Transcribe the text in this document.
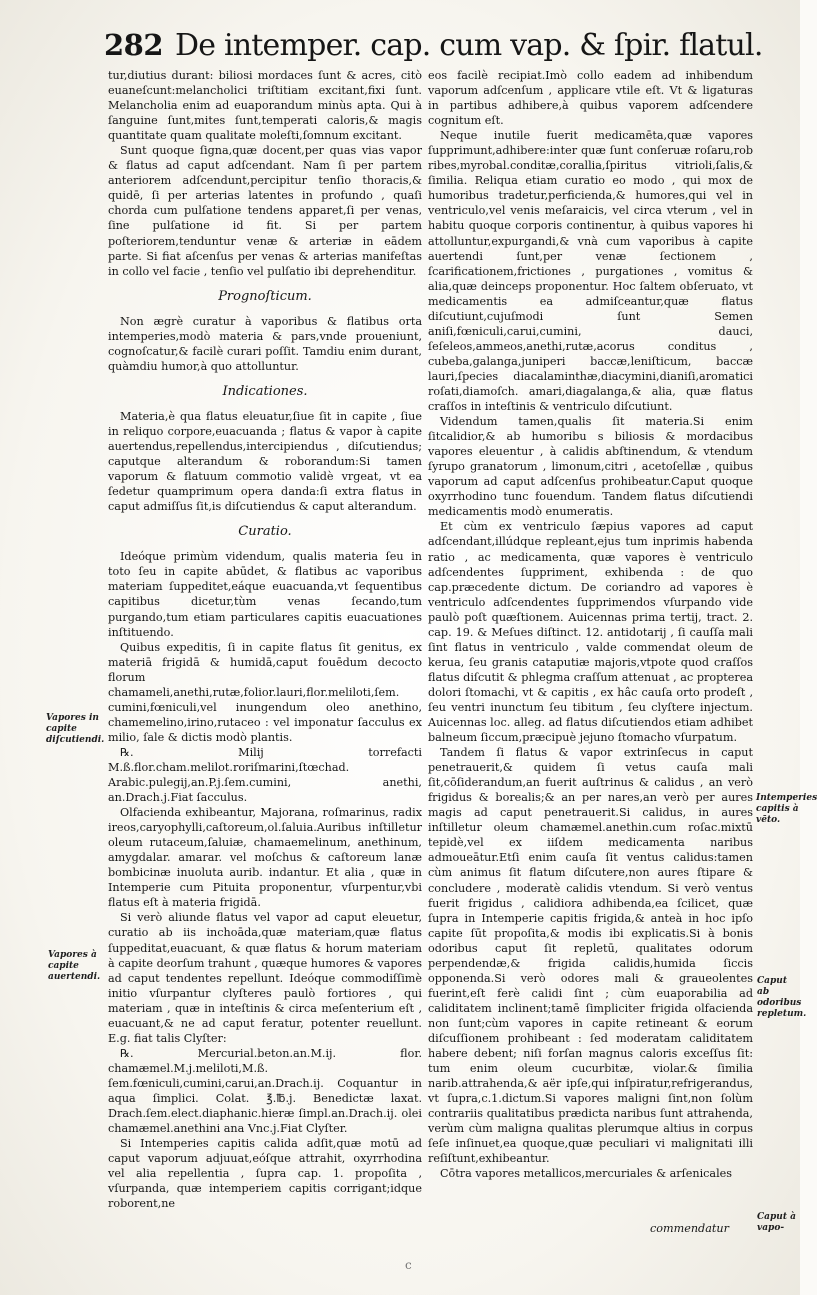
282 De intemper. cap. cum vap. & ſpir. flatul.

tur,diutius durant: biliosi mordaces ſunt & acres, citò euaneſcunt:melancholici triſtitiam excitant,fixi ſunt. Melancholia enim ad euaporandum minùs apta. Qui à ſanguine ſunt,mites ſunt,temperati caloris,& magis quantitate quam qualitate moleſti,ſomnum excitant.

Sunt quoque ſigna,quæ docent,per quas vias vapor & flatus ad caput adſcendant. Nam ſi per partem anteriorem adſcendunt,percipitur tenſio thoracis,& quidē, ſi per arterias latentes in profundo , quaſi chorda cum pulſatione tendens apparet,ſi per venas, ſine pulſatione id fit. Si per partem poſteriorem,tenduntur venæ & arteriæ in eādem parte. Si fiat aſcenſus per venas & arterias manifeſtas in collo vel facie , tenſio vel pulſatio ibi deprehenditur.

Prognoſticum.

Non ægrè curatur à vaporibus & flatibus orta intemperies,modò materia & pars,vnde proueniunt, cognoſcatur,& facilè curari poſſit. Tamdiu enim durant, quàmdiu humor,à quo attolluntur.

Indicationes.

Materia,è qua flatus eleuatur,ſiue ſit in capite , ſiue in reliquo corpore,euacuanda ; flatus & vapor à capite auertendus,repellendus,intercipiendus , diſcutiendus; caputque alterandum & roborandum:Si tamen vaporum & flatuum commotio validè vrgeat, vt ea ſedetur quamprimum opera danda:ſi extra flatus in caput admiſſus ſit,is diſcutiendus & caput alterandum.

Curatio.

Ideóque primùm videndum, qualis materia ſeu in toto ſeu in capite abūdet, & flatibus ac vaporibus materiam ſuppeditet,eáque euacuanda,vt ſequentibus capitibus dicetur,tùm venas ſecando,tum purgando,tum etiam particulares capitis euacuationes inſtituendo.

Quibus expeditis, ſi in capite flatus ſit genitus, ex materiā frigidā & humidā,caput fouēdum decocto florum chamameli,anethi,rutæ,folior.lauri,flor.meliloti,ſem. cumini,fœniculi,vel inungendum oleo anethino, chamemelino,irino,rutaceo : vel imponatur ſacculus ex milio, ſale & dictis modò plantis.

℞. Milij torrefacti M.ß.flor.cham.melilot.roriſmarini,ſtœchad. Arabic.pulegij,an.P.j.ſem.cumini, anethi, an.Drach.j.Fiat ſacculus.

Olfacienda exhibeantur, Majorana, roſmarinus, radix ireos,caryophylli,caſtoreum,ol.ſaluia.Auribus inſtilletur oleum rutaceum,ſaluiæ, chamaemelinum, anethinum, amygdalar. amarar. vel moſchus & caſtoreum lanæ bombicinæ inuoluta aurib. indantur. Et alia , quæ in Intemperie cum Pituita proponentur, vſurpentur,vbi flatus eſt à materia frigidā.

Si verò aliunde flatus vel vapor ad caput eleuetur, curatio ab iis inchoāda,quæ materiam,quæ flatus ſuppeditat,euacuant, & quæ flatus & horum materiam à capite deorſum trahunt , quæque humores & vapores ad caput tendentes repellunt. Ideóque commodiſſimè initio vſurpantur clyſteres paulò fortiores , qui materiam , quæ in inteſtinis & circa meſenterium eſt , euacuant,& ne ad caput feratur, potenter reuellunt. E.g. fiat talis Clyſter:

℞. Mercurial.beton.an.M.ij. flor. chamæmel.M.j.meliloti,M.ß. ſem.fœniculi,cumini,carui,an.Drach.ij. Coquantur in aqua ſimplici. Colat. ℥.℔.j. Benedictæ laxat. Drach.ſem.elect.diaphanic.hieræ ſimpl.an.Drach.ij. olei chamæmel.anethini ana Vnc.j.Fiat Clyſter.

Si Intemperies capitis calida adſit,quæ motū ad caput vaporum adjuuat,eóſque attrahit, oxyrrhodina vel alia repellentia , ſupra cap. 1. propoſita , vſurpanda, quæ intemperiem capitis corrigant;idque roborent,ne

eos facilè recipiat.Imò collo eadem ad inhibendum vaporum adſcenſum , applicare vtile eſt. Vt & ligaturas in partibus adhibere,à quibus vaporem adſcendere cognitum eſt.

Neque inutile fuerit medicamēta,quæ vapores ſupprimunt,adhibere:inter quæ ſunt conſeruæ roſaru,rob ribes,myrobal.conditæ,corallia,ſpiritus vitrioli,ſalis,& ſimilia. Reliqua etiam curatio eo modo , qui mox de humoribus tradetur,perficienda,& humores,qui vel in ventriculo,vel venis meſaraicis, vel circa vterum , vel in habitu quoque corporis continentur, à quibus vapores hi attolluntur,expurgandi,& vnà cum vaporibus à capite auertendi ſunt,per venæ ſectionem , ſcarificationem,frictiones , purgationes , vomitus & alia,quæ deinceps proponentur. Hoc ſaltem obſeruato, vt medicamentis ea admiſceantur,quæ flatus diſcutiunt,cujuſmodi ſunt Semen aniſi,fœniculi,carui,cumini, dauci, ſeſeleos,ammeos,anethi,rutæ,acorus conditus , cubeba,galanga,juniperi baccæ,leniſticum, baccæ lauri,ſpecies diacalaminthæ,diacymini,dianiſi,aromatici roſati,diamoſch. amari,diagalanga,& alia, quæ flatus craſſos in inteſtinis & ventriculo diſcutiunt.

Videndum tamen,qualis ſit materia.Si enim ſitcalidior,& ab humoribu s biliosis & mordacibus vapores eleuentur , à calidis abſtinendum, & vtendum ſyrupo granatorum , limonum,citri , acetoſellæ , quibus vaporum ad caput adſcenſus prohibeatur.Caput quoque oxyrrhodino tunc fouendum. Tandem flatus diſcutiendi medicamentis modò enumeratis.

Et cùm ex ventriculo ſæpius vapores ad caput adſcendant,illúdque repleant,ejus tum inprimis habenda ratio , ac medicamenta, quæ vapores è ventriculo adſcendentes ſuppriment, exhibenda : de quo cap.præcedente dictum. De coriandro ad vapores è ventriculo adſcendentes ſupprimendos vſurpando vide paulò poſt quæſtionem. Auicennas prima tertij, tract. 2. cap. 19. & Meſues diſtinct. 12. antidotarij , ſi cauſſa mali ſint flatus in ventriculo , valde commendat oleum de kerua, ſeu granis cataputiæ majoris,vtpote quod craſſos flatus diſcutit & phlegma craſſum attenuat , ac propterea dolori ſtomachi, vt & capitis , ex hâc cauſa orto prodeſt , ſeu ventri inunctum ſeu tibitum , ſeu clyſtere injectum. Auicennas loc. alleg. ad flatus diſcutiendos etiam adhibet balneum ſiccum,præcipuè jejuno ſtomacho vſurpatum.

Tandem ſi flatus & vapor extrinſecus in caput penetrauerit,& quidem ſi vetus cauſa mali ſit,cōſiderandum,an fuerit auſtrinus & calidus , an verò frigidus & borealis;& an per nares,an verò per aures magis ad caput penetrauerit.Si calidus, in aures inſtilletur oleum chamæmel.anethin.cum roſac.mixtū tepidè,vel ex iiſdem medicamenta naribus admoueātur.Etſi enim cauſa ſit ventus calidus:tamen cùm animus ſit flatum diſcutere,non aures ſtipare & concludere , moderatè calidis vtendum. Si verò ventus fuerit frigidus , calidiora adhibenda,ea ſcilicet, quæ ſupra in Intemperie capitis frigida,& anteà in hoc ipſo capite ſūt propoſita,& modis ibi explicatis.Si à bonis odoribus caput ſit repletū, qualitates odorum perpendendæ,& frigida calidis,humida ſiccis opponenda.Si verò odores mali & graueolentes fuerint,eſt ferè calidi ſint ; cùm euaporabilia ad caliditatem inclinent;tamē ſimpliciter frigida olfacienda non ſunt;cùm vapores in capite retineant & eorum diſcuſſionem prohibeant : ſed moderatam caliditatem habere debent; niſi forſan magnus caloris exceſſus ſit: tum enim oleum cucurbitæ, violar.& ſimilia narib.attrahenda,& aër ipſe,qui inſpiratur,refrigerandus, vt ſupra,c.1.dictum.Si vapores maligni ſint,non ſolùm contrariis qualitatibus prædicta naribus ſunt attrahenda, verùm cùm maligna qualitas plerumque altius in corpus ſeſe inſinuet,ea quoque,quæ peculiari vi malignitati illi reſiſtunt,exhibeantur.

Cōtra vapores metallicos,mercuriales & arſenicales

Vapores in capite diſcutiendi.
Vapores à capite auertendi.
Intemperies capitis à vēto.
Caput ab odoribus repletum.
Caput à vapo-
commendatur
c
